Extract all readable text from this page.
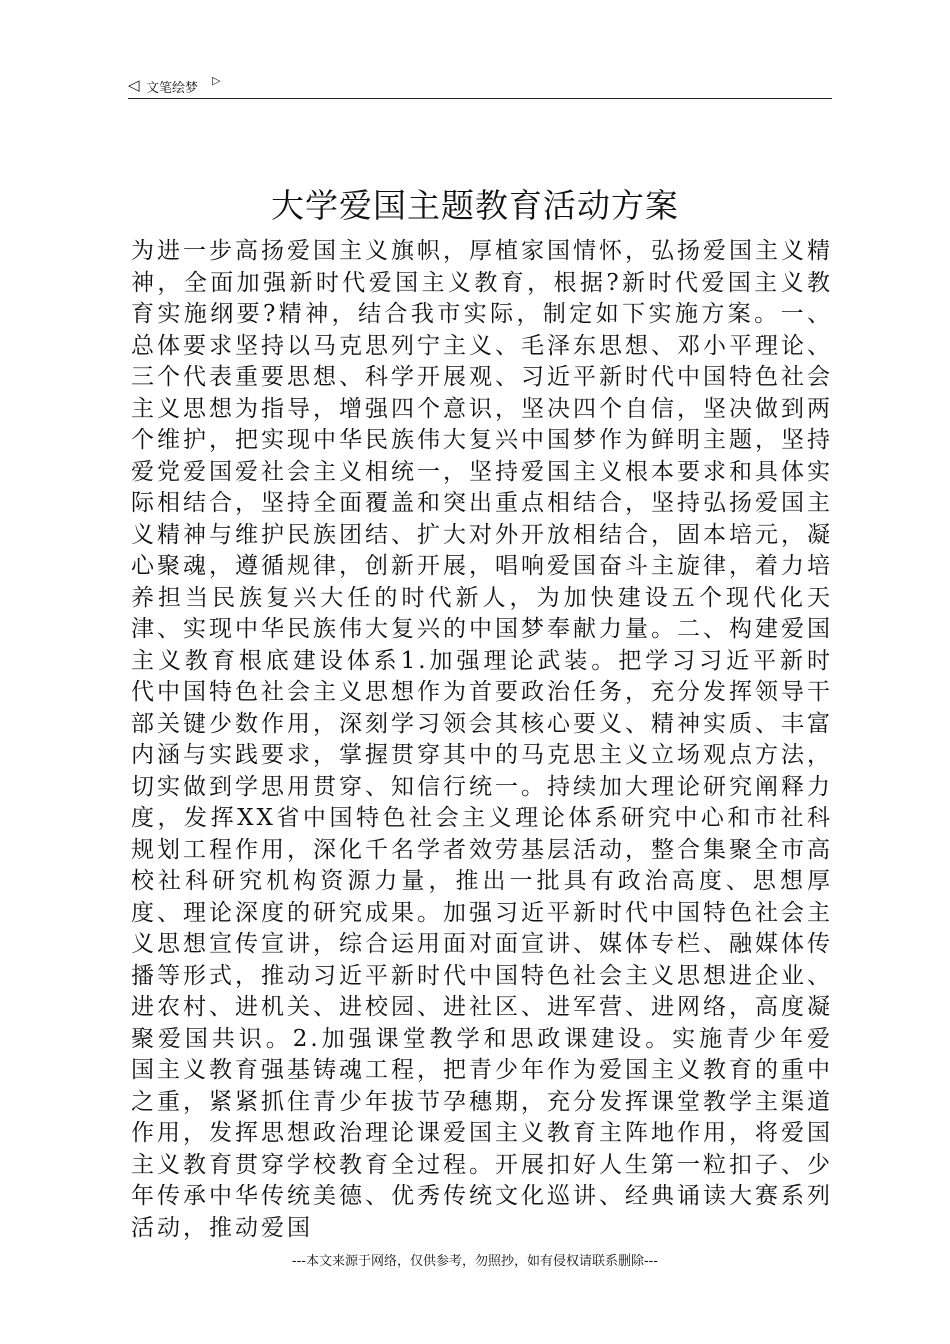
◁ 文笔绘梦
▷
大学爱国主题教育活动方案

为进一步高扬爱国主义旗帜，厚植家国情怀，弘扬爱国主义精神，全面加强新时代爱国主义教育，根据?新时代爱国主义教育实施纲要?精神，结合我市实际，制定如下实施方案。一、总体要求坚持以马克思列宁主义、毛泽东思想、邓小平理论、三个代表重要思想、科学开展观、习近平新时代中国特色社会主义思想为指导，增强四个意识，坚决四个自信，坚决做到两个维护，把实现中华民族伟大复兴中国梦作为鲜明主题，坚持爱党爱国爱社会主义相统一，坚持爱国主义根本要求和具体实际相结合，坚持全面覆盖和突出重点相结合，坚持弘扬爱国主义精神与维护民族团结、扩大对外开放相结合，固本培元，凝心聚魂，遵循规律，创新开展，唱响爱国奋斗主旋律，着力培养担当民族复兴大任的时代新人，为加快建设五个现代化天津、实现中华民族伟大复兴的中国梦奉献力量。二、构建爱国主义教育根底建设体系1.加强理论武装。把学习习近平新时代中国特色社会主义思想作为首要政治任务，充分发挥领导干部关键少数作用，深刻学习领会其核心要义、精神实质、丰富内涵与实践要求，掌握贯穿其中的马克思主义立场观点方法，切实做到学思用贯穿、知信行统一。持续加大理论研究阐释力度，发挥XX省中国特色社会主义理论体系研究中心和市社科规划工程作用，深化千名学者效劳基层活动，整合集聚全市高校社科研究机构资源力量，推出一批具有政治高度、思想厚度、理论深度的研究成果。加强习近平新时代中国特色社会主义思想宣传宣讲，综合运用面对面宣讲、媒体专栏、融媒体传播等形式，推动习近平新时代中国特色社会主义思想进企业、进农村、进机关、进校园、进社区、进军营、进网络，高度凝聚爱国共识。2.加强课堂教学和思政课建设。实施青少年爱国主义教育强基铸魂工程，把青少年作为爱国主义教育的重中之重，紧紧抓住青少年拔节孕穗期，充分发挥课堂教学主渠道作用，发挥思想政治理论课爱国主义教育主阵地作用，将爱国主义教育贯穿学校教育全过程。开展扣好人生第一粒扣子、少年传承中华传统美德、优秀传统文化巡讲、经典诵读大赛系列活动，推动爱国

---本文来源于网络，仅供参考，勿照抄，如有侵权请联系删除---
